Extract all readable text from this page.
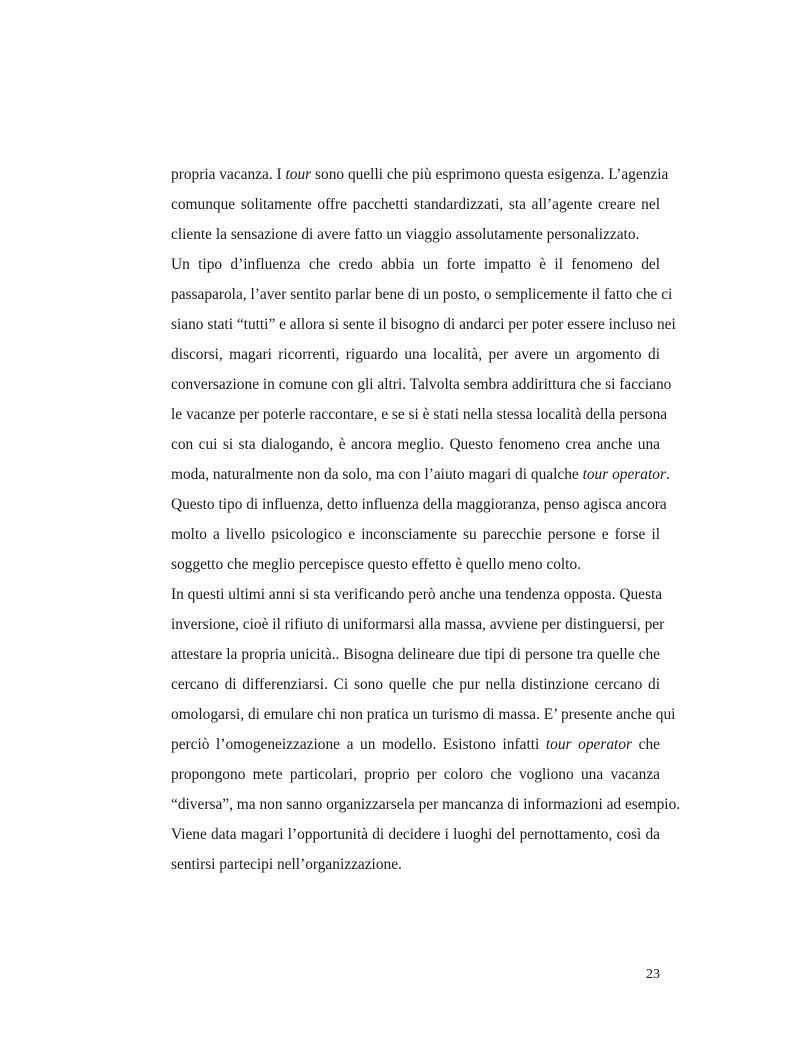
propria vacanza. I tour sono quelli che più esprimono questa esigenza. L’agenzia
comunque solitamente offre pacchetti standardizzati, sta all’agente creare nel
cliente la sensazione di avere fatto un viaggio assolutamente personalizzato.
Un tipo d’influenza che credo abbia un forte impatto è il fenomeno del
passaparola, l’aver sentito parlar bene di un posto, o semplicemente il fatto che ci
siano stati “tutti” e allora si sente il bisogno di andarci per poter essere incluso nei
discorsi, magari ricorrenti, riguardo una località, per avere un argomento di
conversazione in comune con gli altri. Talvolta sembra addirittura che si facciano
le vacanze per poterle raccontare, e se si è stati nella stessa località della persona
con cui si sta dialogando, è ancora meglio. Questo fenomeno crea anche una
moda, naturalmente non da solo, ma con l’aiuto magari di qualche tour operator.
Questo tipo di influenza, detto influenza della maggioranza, penso agisca ancora
molto a livello psicologico e inconsciamente su parecchie persone e forse il
soggetto che meglio percepisce questo effetto è quello meno colto.
In questi ultimi anni si sta verificando però anche una tendenza opposta. Questa
inversione, cioè il rifiuto di uniformarsi alla massa, avviene per distinguersi, per
attestare la propria unicità.. Bisogna delineare due tipi di persone tra quelle che
cercano di differenziarsi. Ci sono quelle che pur nella distinzione cercano di
omologarsi, di emulare chi non pratica un turismo di massa. E’ presente anche qui
perciò l’omogeneizzazione a un modello. Esistono infatti tour operator che
propongono mete particolari, proprio per coloro che vogliono una vacanza
“diversa”, ma non sanno organizzarsela per mancanza di informazioni ad esempio.
Viene data magari l’opportunità di decidere i luoghi del pernottamento, così da
sentirsi partecipi nell’organizzazione.
23
